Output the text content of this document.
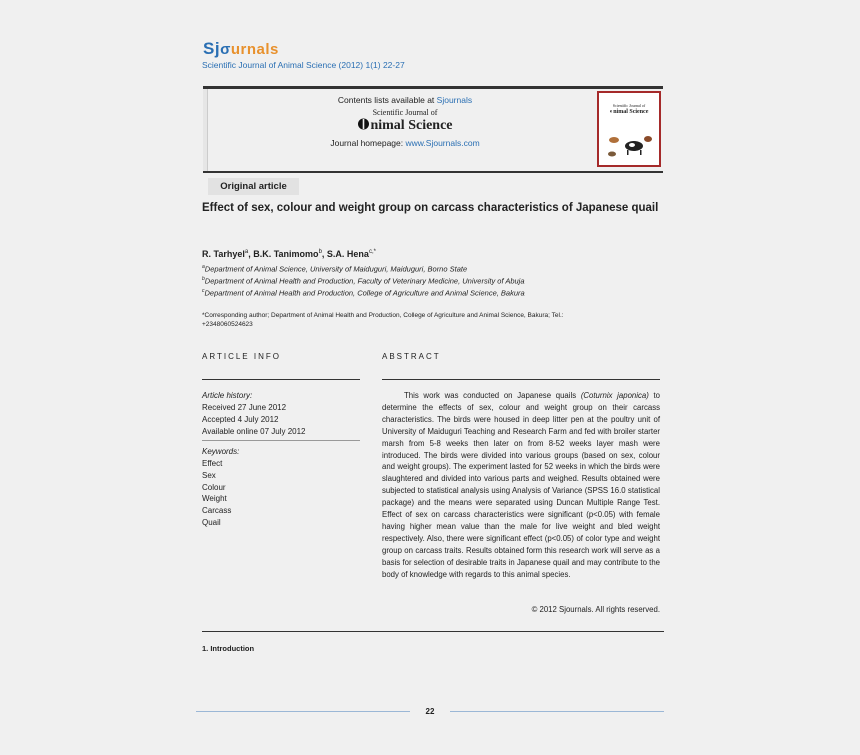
Sjσurnals
Scientific Journal of Animal Science (2012) 1(1) 22-27
Contents lists available at Sjournals
Scientific Journal of
nimal Science
Journal homepage: www.Sjournals.com
Scientific Journal of
◐nimal Science
Original article
Effect of sex, colour and weight group on carcass characteristics of Japanese quail
R. Tarhyel$^a$, B.K. Tanimomo$^b$, S.A. Hena$^{c,*}$
$^a$Department of Animal Science, University of Maiduguri, Maiduguri, Borno State
$^b$Department of Animal Health and Production, Faculty of Veterinary Medicine, University of Abuja
$^c$Department of Animal Health and Production, College of Agriculture and Animal Science, Bakura
*Corresponding author; Department of Animal Health and Production, College of Agriculture and Animal Science, Bakura; Tel.:
+2348060524623
ARTICLE INFO
Article history:
Received 27 June 2012
Accepted 4 July 2012
Available online 07 July 2012
Keywords:
Effect
Sex
Colour
Weight
Carcass
Quail
ABSTRACT
This work was conducted on Japanese quails (Coturnix japonica) to determine the effects of sex, colour and weight group on their carcass characteristics. The birds were housed in deep litter pen at the poultry unit of University of Maiduguri Teaching and Research Farm and fed with broiler starter marsh from 5-8 weeks then later on from 8-52 weeks layer mash were introduced. The birds were divided into various groups (based on sex, colour and weight groups). The experiment lasted for 52 weeks in which the birds were slaughtered and divided into various parts and weighed. Results obtained were subjected to statistical analysis using Analysis of Variance (SPSS 16.0 statistical package) and the means were separated using Duncan Multiple Range Test. Effect of sex on carcass characteristics were significant (p<0.05) with female having higher mean value than the male for live weight and bled weight respectively. Also, there were significant effect (p<0.05) of color type and weight group on carcass traits. Results obtained form this research work will serve as a basis for selection of desirable traits in Japanese quail and may contribute to the body of knowledge with regards to this animal species.
© 2012 Sjournals. All rights reserved.
1. Introduction
22
